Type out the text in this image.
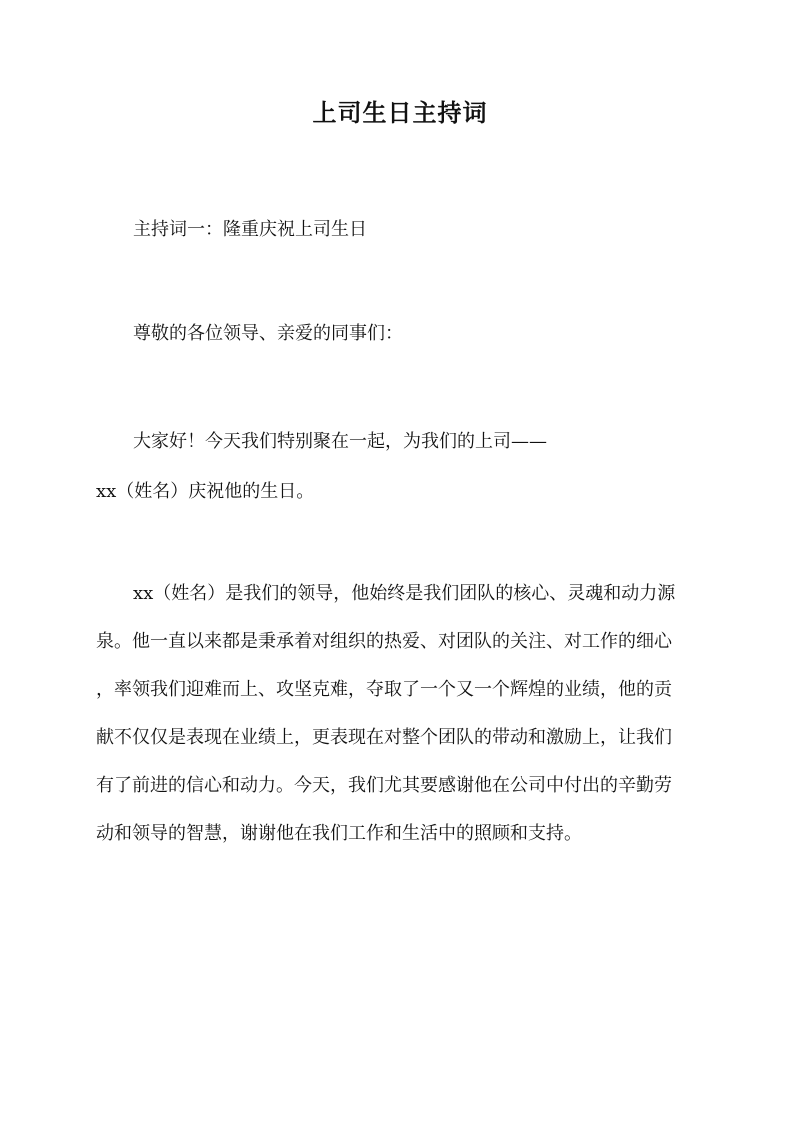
上司生日主持词
主持词一：隆重庆祝上司生日
尊敬的各位领导、亲爱的同事们：
大家好！今天我们特别聚在一起，为我们的上司——
xx（姓名）庆祝他的生日。
xx（姓名）是我们的领导，他始终是我们团队的核心、灵魂和动力源
泉。他一直以来都是秉承着对组织的热爱、对团队的关注、对工作的细心
，率领我们迎难而上、攻坚克难，夺取了一个又一个辉煌的业绩，他的贡
献不仅仅是表现在业绩上，更表现在对整个团队的带动和激励上，让我们
有了前进的信心和动力。今天，我们尤其要感谢他在公司中付出的辛勤劳
动和领导的智慧，谢谢他在我们工作和生活中的照顾和支持。
